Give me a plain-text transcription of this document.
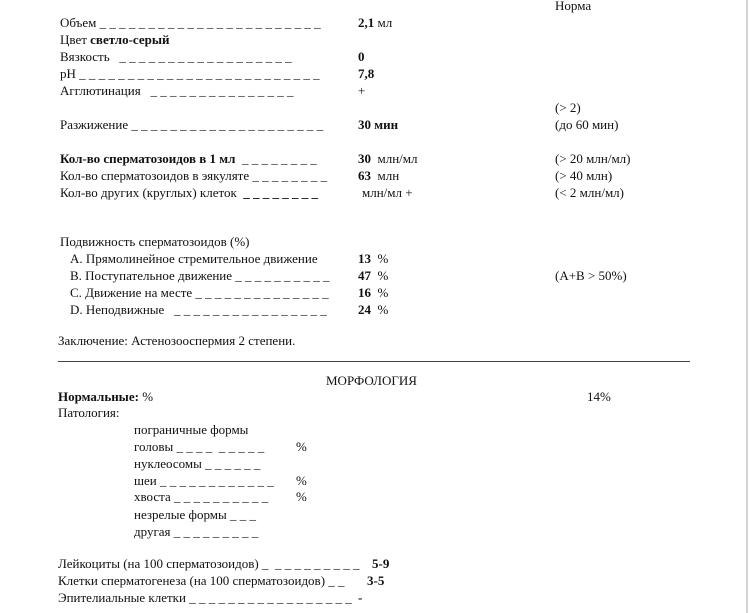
Норма
Объем _ _ _ _ _ _ _ _ _ _ _ _ _ _ _ _ _ _ _ _ _ _ _	2,1 мл
Цвет светло-серый
Вязкость   _ _ _ _ _ _ _ _ _ _ _ _ _ _ _ _ _ _	0
pH _ _ _ _ _ _ _ _ _ _ _ _ _ _ _ _ _ _ _ _ _ _ _ _ _	7,8
Агглютинация   _ _ _ _ _ _ _ _ _ _ _ _ _ _ _	+
(> 2)
Разжижение _ _ _ _ _ _ _ _ _ _ _ _ _ _ _ _ _ _ _ _	30 мин	(до 60 мин)
Кол-во сперматозоидов в 1 мл  _ _ _ _ _ _ _ _	30  млн/мл	(> 20 млн/мл)
Кол-во сперматозоидов в эякуляте _ _ _ _ _ _ _ _ 63  млн	(> 40 млн)
Кол-во других (круглых) клеток  _ _ _ _ _ _ _ _	млн/мл +	(< 2 млн/мл)
Подвижность сперматозоидов (%)
A. Прямолинейное стремительное движение	13  %
B. Поступательное движение _ _ _ _ _ _ _ _ _ _ 47  %	(A+B > 50%)
C. Движение на месте _ _ _ _ _ _ _ _ _ _ _ _ _ _ 16  %
D. Неподвижные   _ _ _ _ _ _ _ _ _ _ _ _ _ _ _ _ 24  %
Заключение: Астенозооспермия 2 степени.
МОРФОЛОГИЯ
Нормальные: %	14%
Патология:
пограничные формы
головы _ _ _ _  _ _ _ _ _ %
нуклеосомы _ _ _ _ _ _
шеи _ _ _ _ _ _ _ _ _ _ _ _ %
хвоста _ _ _ _ _ _ _ _ _ _ %
незрелые формы _ _ _
другая _ _ _ _ _ _ _ _ _
Лейкоциты (на 100 сперматозоидов) _  _ _ _ _ _ _ _ _ _ 5-9
Клетки сперматогенеза (на 100 сперматозоидов) _ _ 3-5
Эпителиальные клетки _ _ _ _ _ _ _ _ _ _ _ _ _ _ _ _ _ -
